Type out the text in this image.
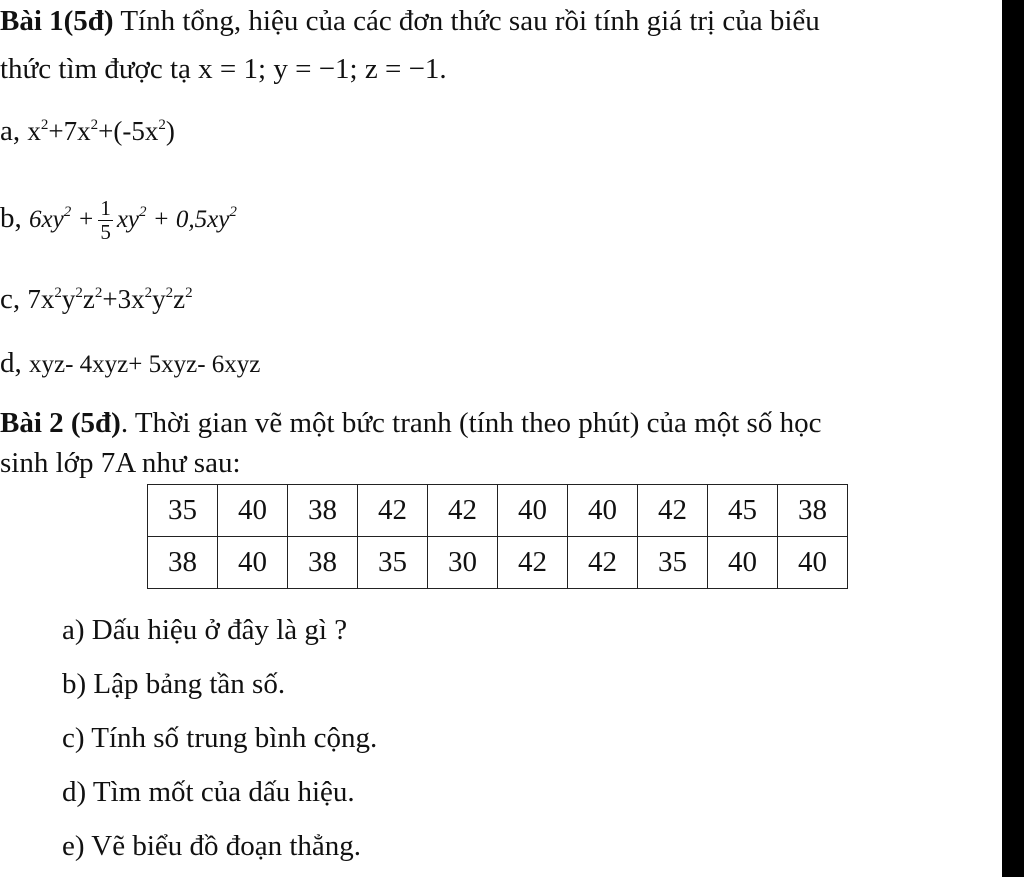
Bài 1(5đ) Tính tổng, hiệu của các đơn thức sau rồi tính giá trị của biểu
thức tìm được tạ x = 1; y = −1; z = −1.
a, $x^2+7x^2+(-5x^2)$
b, $6xy^2 + \frac{1}{5} xy^2 + 0,5xy^2$
c, $7x^2y^2z^2+3x^2y^2z^2$
d, xyz- 4xyz+ 5xyz- 6xyz
Bài 2 (5đ). Thời gian vẽ một bức tranh (tính theo phút) của một số học
sinh lớp 7A như sau:
35	40	38	42	42	40	40	42	45	38
38	40	38	35	30	42	42	35	40	40
a) Dấu hiệu ở đây là gì ?
b) Lập bảng tần số.
c) Tính số trung bình cộng.
d) Tìm mốt của dấu hiệu.
e) Vẽ biểu đồ đoạn thẳng.
